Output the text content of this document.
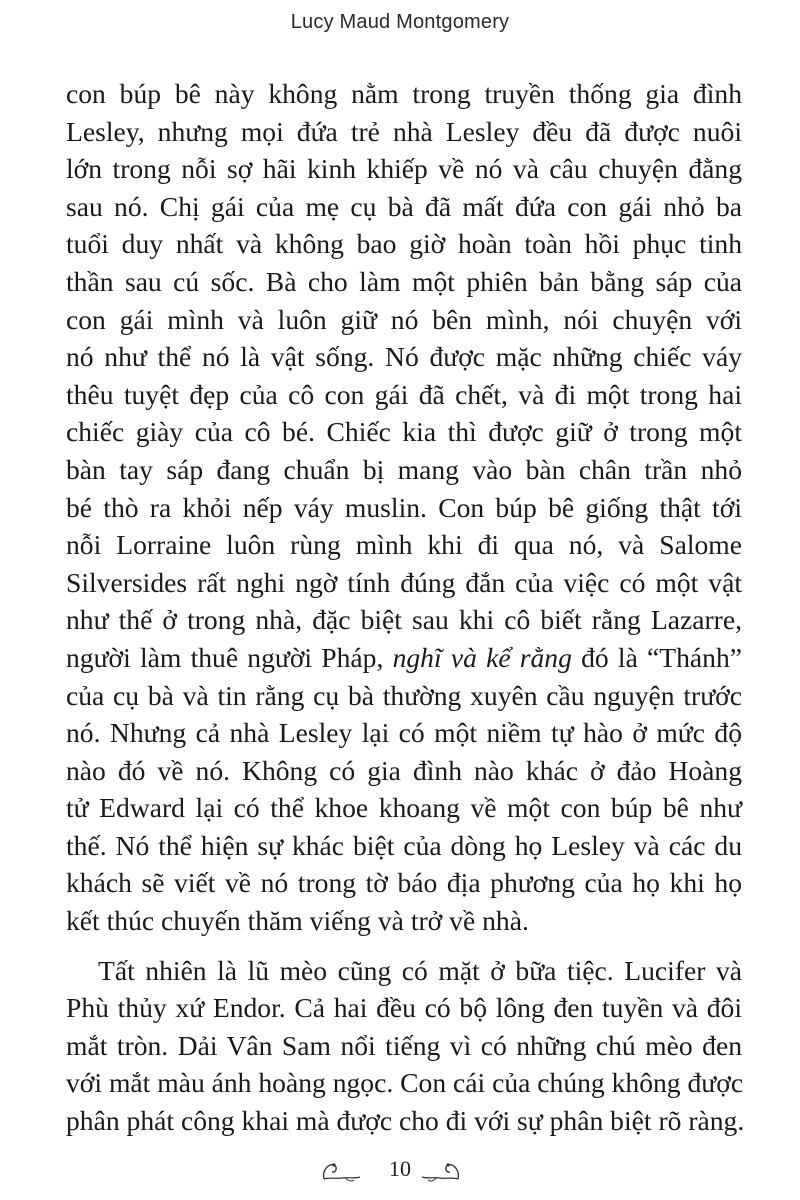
Lucy Maud Montgomery
con búp bê này không nằm trong truyền thống gia đình
Lesley, nhưng mọi đứa trẻ nhà Lesley đều đã được nuôi
lớn trong nỗi sợ hãi kinh khiếp về nó và câu chuyện đằng
sau nó. Chị gái của mẹ cụ bà đã mất đứa con gái nhỏ ba
tuổi duy nhất và không bao giờ hoàn toàn hồi phục tinh
thần sau cú sốc. Bà cho làm một phiên bản bằng sáp của
con gái mình và luôn giữ nó bên mình, nói chuyện với
nó như thể nó là vật sống. Nó được mặc những chiếc váy
thêu tuyệt đẹp của cô con gái đã chết, và đi một trong hai
chiếc giày của cô bé. Chiếc kia thì được giữ ở trong một
bàn tay sáp đang chuẩn bị mang vào bàn chân trần nhỏ
bé thò ra khỏi nếp váy muslin. Con búp bê giống thật tới
nỗi Lorraine luôn rùng mình khi đi qua nó, và Salome
Silversides rất nghi ngờ tính đúng đắn của việc có một vật
như thế ở trong nhà, đặc biệt sau khi cô biết rằng Lazarre,
người làm thuê người Pháp, nghĩ và kể rằng đó là “Thánh”
của cụ bà và tin rằng cụ bà thường xuyên cầu nguyện trước
nó. Nhưng cả nhà Lesley lại có một niềm tự hào ở mức độ
nào đó về nó. Không có gia đình nào khác ở đảo Hoàng
tử Edward lại có thể khoe khoang về một con búp bê như
thế. Nó thể hiện sự khác biệt của dòng họ Lesley và các du
khách sẽ viết về nó trong tờ báo địa phương của họ khi họ
kết thúc chuyến thăm viếng và trở về nhà.
Tất nhiên là lũ mèo cũng có mặt ở bữa tiệc. Lucifer và
Phù thủy xứ Endor. Cả hai đều có bộ lông đen tuyền và đôi
mắt tròn. Dải Vân Sam nổi tiếng vì có những chú mèo đen
với mắt màu ánh hoàng ngọc. Con cái của chúng không được
phân phát công khai mà được cho đi với sự phân biệt rõ ràng.
10
